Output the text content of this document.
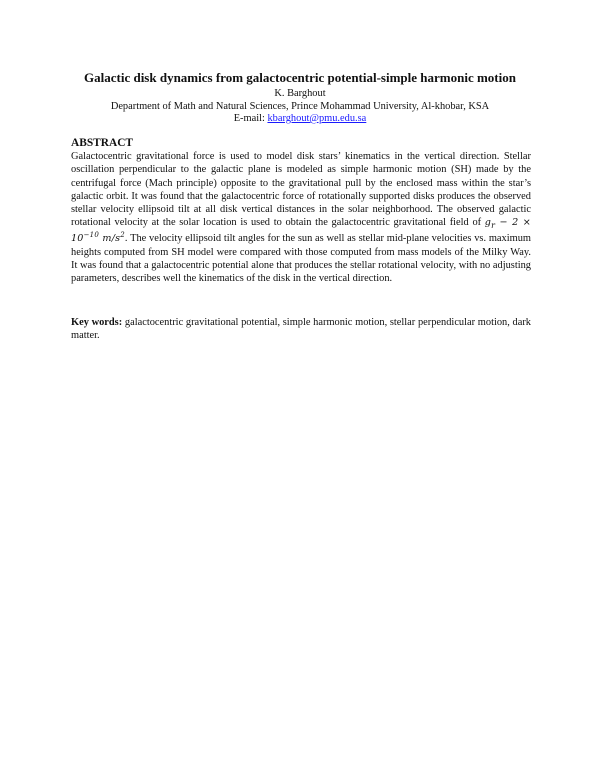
Galactic disk dynamics from galactocentric potential-simple harmonic motion
K. Barghout
Department of Math and Natural Sciences, Prince Mohammad University, Al-khobar, KSA
E-mail: kbarghout@pmu.edu.sa
ABSTRACT
Galactocentric gravitational force is used to model disk stars’ kinematics in the vertical direction. Stellar oscillation perpendicular to the galactic plane is modeled as simple harmonic motion (SH) made by the centrifugal force (Mach principle) opposite to the gravitational pull by the enclosed mass within the star’s galactic orbit. It was found that the galactocentric force of rotationally supported disks produces the observed stellar velocity ellipsoid tilt at all disk vertical distances in the solar neighborhood. The observed galactic rotational velocity at the solar location is used to obtain the galactocentric gravitational field of $g_r - 2 \times 10^{-10}$ $m/s^2$. The velocity ellipsoid tilt angles for the sun as well as stellar mid-plane velocities vs. maximum heights computed from SH model were compared with those computed from mass models of the Milky Way. It was found that a galactocentric potential alone that produces the stellar rotational velocity, with no adjusting parameters, describes well the kinematics of the disk in the vertical direction.
Key words: galactocentric gravitational potential, simple harmonic motion, stellar perpendicular motion, dark matter.
